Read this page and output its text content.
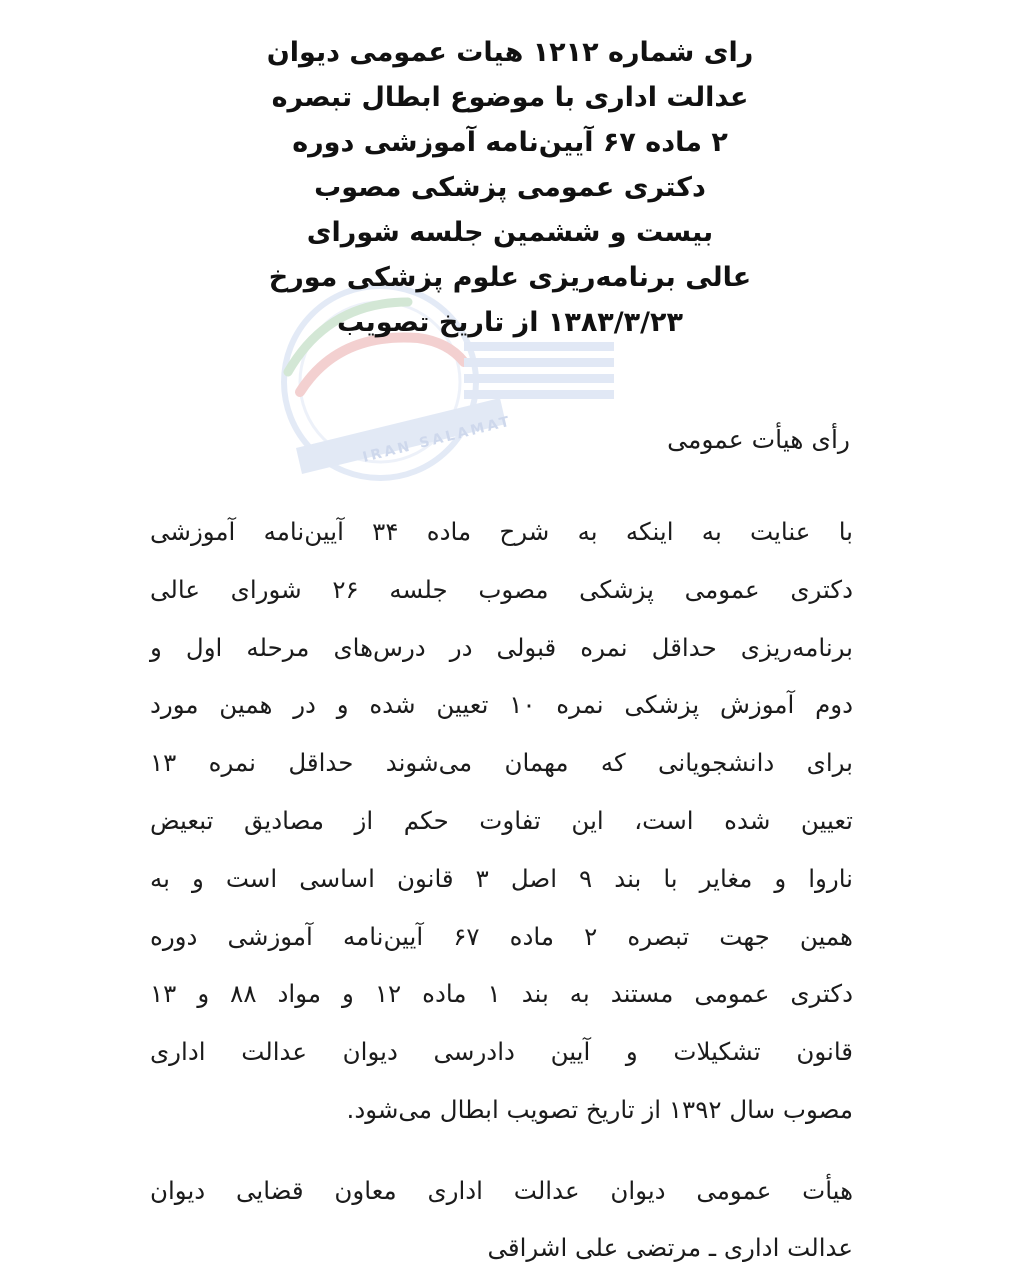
IRAN SALAMAT
رای شماره ۱۲۱۲ هیات عمومی دیوان
عدالت اداری با موضوع ابطال تبصره
۲ ماده ۶۷ آیین‌نامه آموزشی دوره
دکتری عمومی پزشکی مصوب
بیست و ششمین جلسه شورای
عالی برنامه‌ریزی علوم پزشکی مورخ
۱۳۸۳/۳/۲۳ از تاریخ تصویب
رأی هیأت عمومی

با عنایت به اینکه به شرح ماده ۳۴ آیین‌نامه آموزشی
دکتری عمومی پزشکی مصوب جلسه ۲۶ شورای عالی
برنامه‌ریزی حداقل نمره قبولی در درس‌های مرحله اول و
دوم آموزش پزشکی نمره ۱۰ تعیین شده و در همین مورد
برای دانشجویانی که مهمان می‌شوند حداقل نمره ۱۳
تعیین شده است، این تفاوت حکم از مصادیق تبعیض
ناروا و مغایر با بند ۹ اصل ۳ قانون اساسی است و به
همین جهت تبصره ۲ ماده ۶۷ آیین‌نامه آموزشی دوره
دکتری عمومی مستند به بند ۱ ماده ۱۲ و مواد ۸۸ و ۱۳
قانون تشکیلات و آیین دادرسی دیوان عدالت اداری
مصوب سال ۱۳۹۲ از تاریخ تصویب ابطال می‌شود.

هیأت عمومی دیوان عدالت اداری معاون قضایی دیوان
عدالت اداری ـ مرتضی علی اشراقی
